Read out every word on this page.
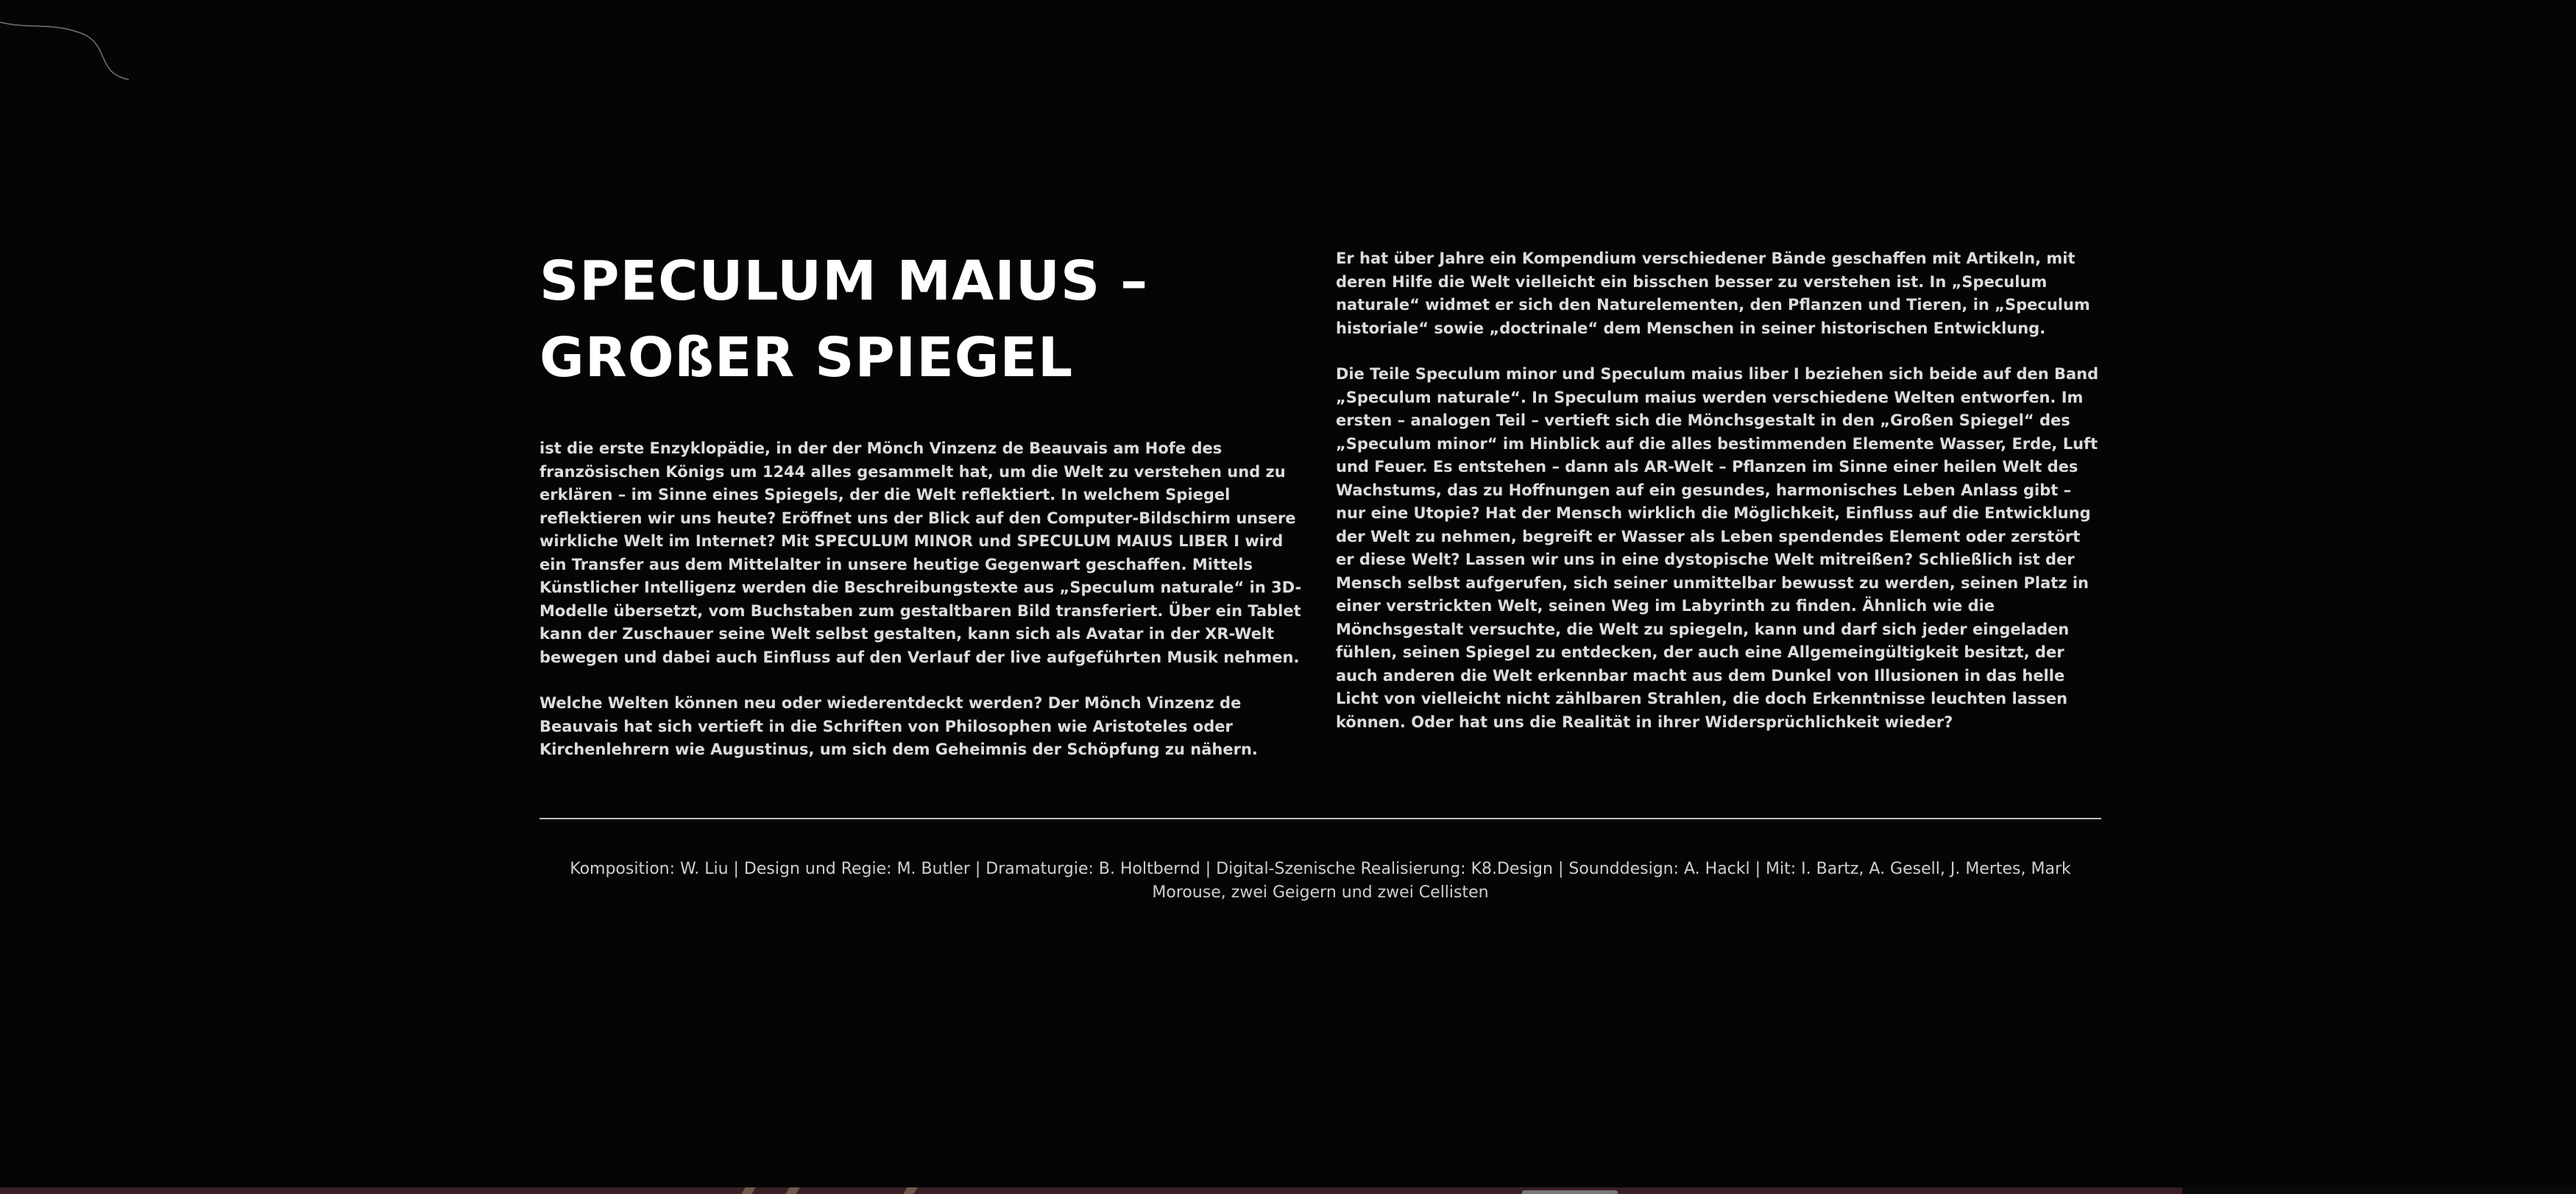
SPECULUM MAIUS –
GROßER SPIEGEL

ist die erste Enzyklopädie, in der der Mönch Vinzenz de Beauvais am Hofe des französischen Königs um 1244 alles gesammelt hat, um die Welt zu verstehen und zu erklären – im Sinne eines Spiegels, der die Welt reflektiert. In welchem Spiegel reflektieren wir uns heute? Eröffnet uns der Blick auf den Computer-Bildschirm unsere wirkliche Welt im Internet? Mit SPECULUM MINOR und SPECULUM MAIUS LIBER I wird ein Transfer aus dem Mittelalter in unsere heutige Gegenwart geschaffen. Mittels Künstlicher Intelligenz werden die Beschreibungstexte aus „Speculum naturale“ in 3D-Modelle übersetzt, vom Buchstaben zum gestaltbaren Bild transferiert. Über ein Tablet kann der Zuschauer seine Welt selbst gestalten, kann sich als Avatar in der XR-Welt bewegen und dabei auch Einfluss auf den Verlauf der live aufgeführten Musik nehmen.

Welche Welten können neu oder wiederentdeckt werden? Der Mönch Vinzenz de Beauvais hat sich vertieft in die Schriften von Philosophen wie Aristoteles oder Kirchenlehrern wie Augustinus, um sich dem Geheimnis der Schöpfung zu nähern.

Er hat über Jahre ein Kompendium verschiedener Bände geschaffen mit Artikeln, mit deren Hilfe die Welt vielleicht ein bisschen besser zu verstehen ist. In „Speculum naturale“ widmet er sich den Naturelementen, den Pflanzen und Tieren, in „Speculum historiale“ sowie „doctrinale“ dem Menschen in seiner historischen Entwicklung.

Die Teile Speculum minor und Speculum maius liber I beziehen sich beide auf den Band „Speculum naturale“. In Speculum maius werden verschiedene Welten entworfen. Im ersten – analogen Teil – vertieft sich die Mönchsgestalt in den „Großen Spiegel“ des „Speculum minor“ im Hinblick auf die alles bestimmenden Elemente Wasser, Erde, Luft und Feuer. Es entstehen – dann als AR-Welt – Pflanzen im Sinne einer heilen Welt des Wachstums, das zu Hoffnungen auf ein gesundes, harmonisches Leben Anlass gibt – nur eine Utopie? Hat der Mensch wirklich die Möglichkeit, Einfluss auf die Entwicklung der Welt zu nehmen, begreift er Wasser als Leben spendendes Element oder zerstört er diese Welt? Lassen wir uns in eine dystopische Welt mitreißen? Schließlich ist der Mensch selbst aufgerufen, sich seiner unmittelbar bewusst zu werden, seinen Platz in einer verstrickten Welt, seinen Weg im Labyrinth zu finden. Ähnlich wie die Mönchsgestalt versuchte, die Welt zu spiegeln, kann und darf sich jeder eingeladen fühlen, seinen Spiegel zu entdecken, der auch eine Allgemeingültigkeit besitzt, der auch anderen die Welt erkennbar macht aus dem Dunkel von Illusionen in das helle Licht von vielleicht nicht zählbaren Strahlen, die doch Erkenntnisse leuchten lassen können. Oder hat uns die Realität in ihrer Widersprüchlichkeit wieder?

Komposition: W. Liu | Design und Regie: M. Butler | Dramaturgie: B. Holtbernd | Digital-Szenische Realisierung: K8.Design | Sounddesign: A. Hackl | Mit: I. Bartz, A. Gesell, J. Mertes, Mark Morouse, zwei Geigern und zwei Cellisten
